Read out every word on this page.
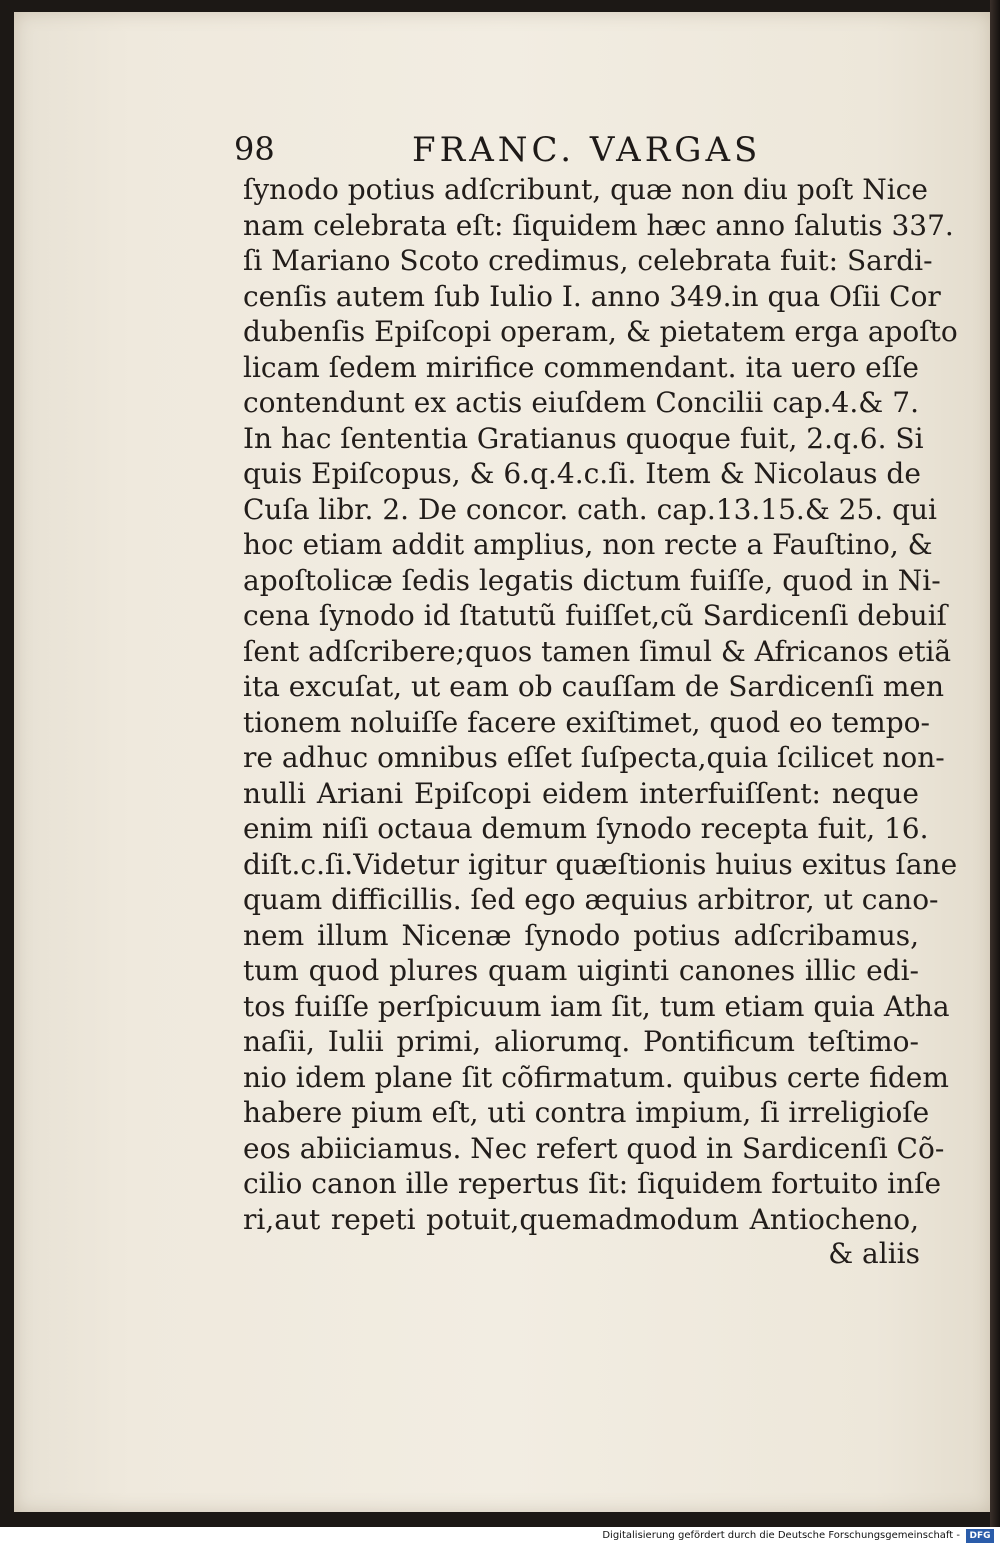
98	FRANC. VARGAS
ſynodo potius adſcribunt, quæ non diu poſt Nice
nam celebrata eſt: ſiquidem hæc anno ſalutis 337.
ſi Mariano Scoto credimus, celebrata fuit: Sardi-
cenſis autem ſub Iulio I. anno 349.in qua Oſii Cor
dubenſis Epiſcopi operam, & pietatem erga apoſto
licam ſedem mirifice commendant. ita uero eſſe
contendunt ex actis eiuſdem Concilii cap.4.& 7.
In hac ſententia Gratianus quoque fuit, 2.q.6. Si
quis Epiſcopus, & 6.q.4.c.ſi. Item & Nicolaus de
Cuſa libr. 2. De concor. cath. cap.13.15.& 25. qui
hoc etiam addit amplius, non recte a Fauſtino, &
apoſtolicæ ſedis legatis dictum fuiſſe, quod in Ni-
cena ſynodo id ſtatutũ fuiſſet,cũ Sardicenſi debuiſ
ſent adſcribere;quos tamen ſimul & Africanos etiã
ita excuſat, ut eam ob cauſſam de Sardicenſi men
tionem noluiſſe facere exiſtimet, quod eo tempo-
re adhuc omnibus eſſet ſuſpecta,quia ſcilicet non-
nulli Ariani Epiſcopi eidem interfuiſſent: neque
enim niſi octaua demum ſynodo recepta fuit, 16.
diſt.c.ſi.Videtur igitur quæſtionis huius exitus ſane
quam difficillis. ſed ego æquius arbitror, ut cano-
nem illum Nicenæ ſynodo potius adſcribamus,
tum quod plures quam uiginti canones illic edi-
tos fuiſſe perſpicuum iam ſit, tum etiam quia Atha
naſii, Iulii primi, aliorumq. Pontificum teſtimo-
nio idem plane ſit cõfirmatum. quibus certe fidem
habere pium eſt, uti contra impium, ſi irreligioſe
eos abiiciamus. Nec refert quod in Sardicenſi Cõ-
cilio canon ille repertus ſit: ſiquidem fortuito inſe
ri,aut repeti potuit,quemadmodum Antiocheno,
& aliis
Digitalisierung gefördert durch die Deutsche Forschungsgemeinschaft -	DFG
